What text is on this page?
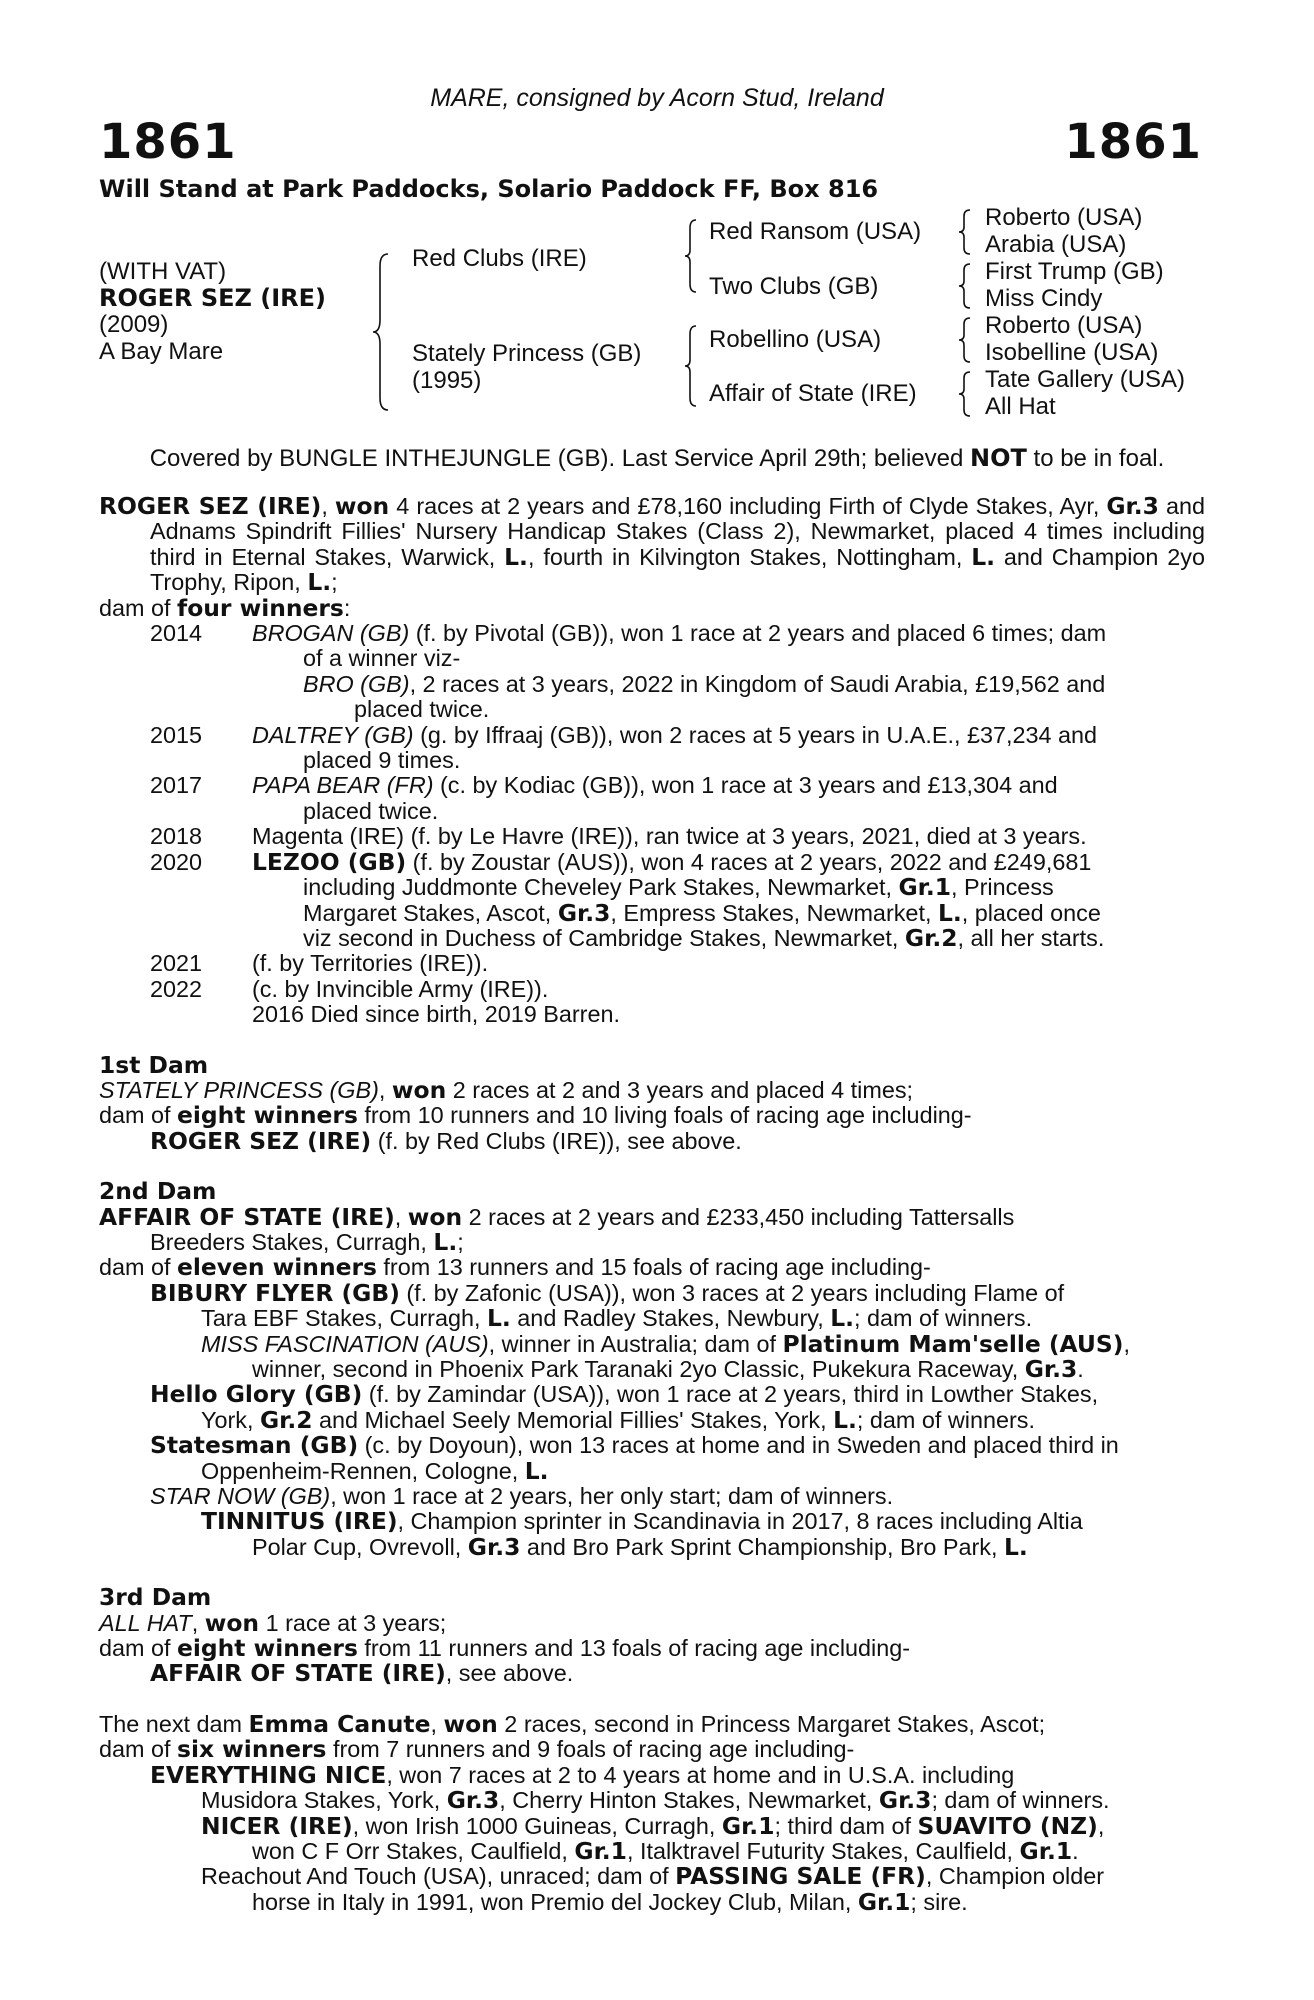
MARE, consigned by Acorn Stud, Ireland
1861	1861
Will Stand at Park Paddocks, Solario Paddock FF, Box 816
(WITH VAT)
ROGER SEZ (IRE)
(2009)
A Bay Mare
Red Clubs (IRE)
Stately Princess (GB)
(1995)
Red Ransom (USA)
Two Clubs (GB)
Robellino (USA)
Affair of State (IRE)
Roberto (USA)
Arabia (USA)
First Trump (GB)
Miss Cindy
Roberto (USA)
Isobelline (USA)
Tate Gallery (USA)
All Hat
Covered by BUNGLE INTHEJUNGLE (GB). Last Service April 29th; believed NOT to be in foal.

ROGER SEZ (IRE), won 4 races at 2 years and £78,160 including Firth of Clyde Stakes, Ayr, Gr.3 and Adnams Spindrift Fillies' Nursery Handicap Stakes (Class 2), Newmarket, placed 4 times including third in Eternal Stakes, Warwick, L., fourth in Kilvington Stakes, Nottingham, L. and Champion 2yo Trophy, Ripon, L.;

dam of four winners:

2014 BROGAN (GB) (f. by Pivotal (GB)), won 1 race at 2 years and placed 6 times; dam

of a winner viz-

BRO (GB), 2 races at 3 years, 2022 in Kingdom of Saudi Arabia, £19,562 and

placed twice.

2015 DALTREY (GB) (g. by Iffraaj (GB)), won 2 races at 5 years in U.A.E., £37,234 and

placed 9 times.

2017 PAPA BEAR (FR) (c. by Kodiac (GB)), won 1 race at 3 years and £13,304 and

placed twice.

2018 Magenta (IRE) (f. by Le Havre (IRE)), ran twice at 3 years, 2021, died at 3 years.

2020 LEZOO (GB) (f. by Zoustar (AUS)), won 4 races at 2 years, 2022 and £249,681

including Juddmonte Cheveley Park Stakes, Newmarket, Gr.1, Princess

Margaret Stakes, Ascot, Gr.3, Empress Stakes, Newmarket, L., placed once

viz second in Duchess of Cambridge Stakes, Newmarket, Gr.2, all her starts.

2021 (f. by Territories (IRE)).

2022 (c. by Invincible Army (IRE)).

2016 Died since birth, 2019 Barren.

1st Dam

STATELY PRINCESS (GB), won 2 races at 2 and 3 years and placed 4 times;

dam of eight winners from 10 runners and 10 living foals of racing age including-

ROGER SEZ (IRE) (f. by Red Clubs (IRE)), see above.

2nd Dam

AFFAIR OF STATE (IRE), won 2 races at 2 years and £233,450 including Tattersalls

Breeders Stakes, Curragh, L.;

dam of eleven winners from 13 runners and 15 foals of racing age including-

BIBURY FLYER (GB) (f. by Zafonic (USA)), won 3 races at 2 years including Flame of

Tara EBF Stakes, Curragh, L. and Radley Stakes, Newbury, L.; dam of winners.

MISS FASCINATION (AUS), winner in Australia; dam of Platinum Mam'selle (AUS),

winner, second in Phoenix Park Taranaki 2yo Classic, Pukekura Raceway, Gr.3.

Hello Glory (GB) (f. by Zamindar (USA)), won 1 race at 2 years, third in Lowther Stakes,

York, Gr.2 and Michael Seely Memorial Fillies' Stakes, York, L.; dam of winners.

Statesman (GB) (c. by Doyoun), won 13 races at home and in Sweden and placed third in

Oppenheim-Rennen, Cologne, L.

STAR NOW (GB), won 1 race at 2 years, her only start; dam of winners.

TINNITUS (IRE), Champion sprinter in Scandinavia in 2017, 8 races including Altia

Polar Cup, Ovrevoll, Gr.3 and Bro Park Sprint Championship, Bro Park, L.

3rd Dam

ALL HAT, won 1 race at 3 years;

dam of eight winners from 11 runners and 13 foals of racing age including-

AFFAIR OF STATE (IRE), see above.

The next dam Emma Canute, won 2 races, second in Princess Margaret Stakes, Ascot;

dam of six winners from 7 runners and 9 foals of racing age including-

EVERYTHING NICE, won 7 races at 2 to 4 years at home and in U.S.A. including

Musidora Stakes, York, Gr.3, Cherry Hinton Stakes, Newmarket, Gr.3; dam of winners.

NICER (IRE), won Irish 1000 Guineas, Curragh, Gr.1; third dam of SUAVITO (NZ),

won C F Orr Stakes, Caulfield, Gr.1, Italktravel Futurity Stakes, Caulfield, Gr.1.

Reachout And Touch (USA), unraced; dam of PASSING SALE (FR), Champion older

horse in Italy in 1991, won Premio del Jockey Club, Milan, Gr.1; sire.
